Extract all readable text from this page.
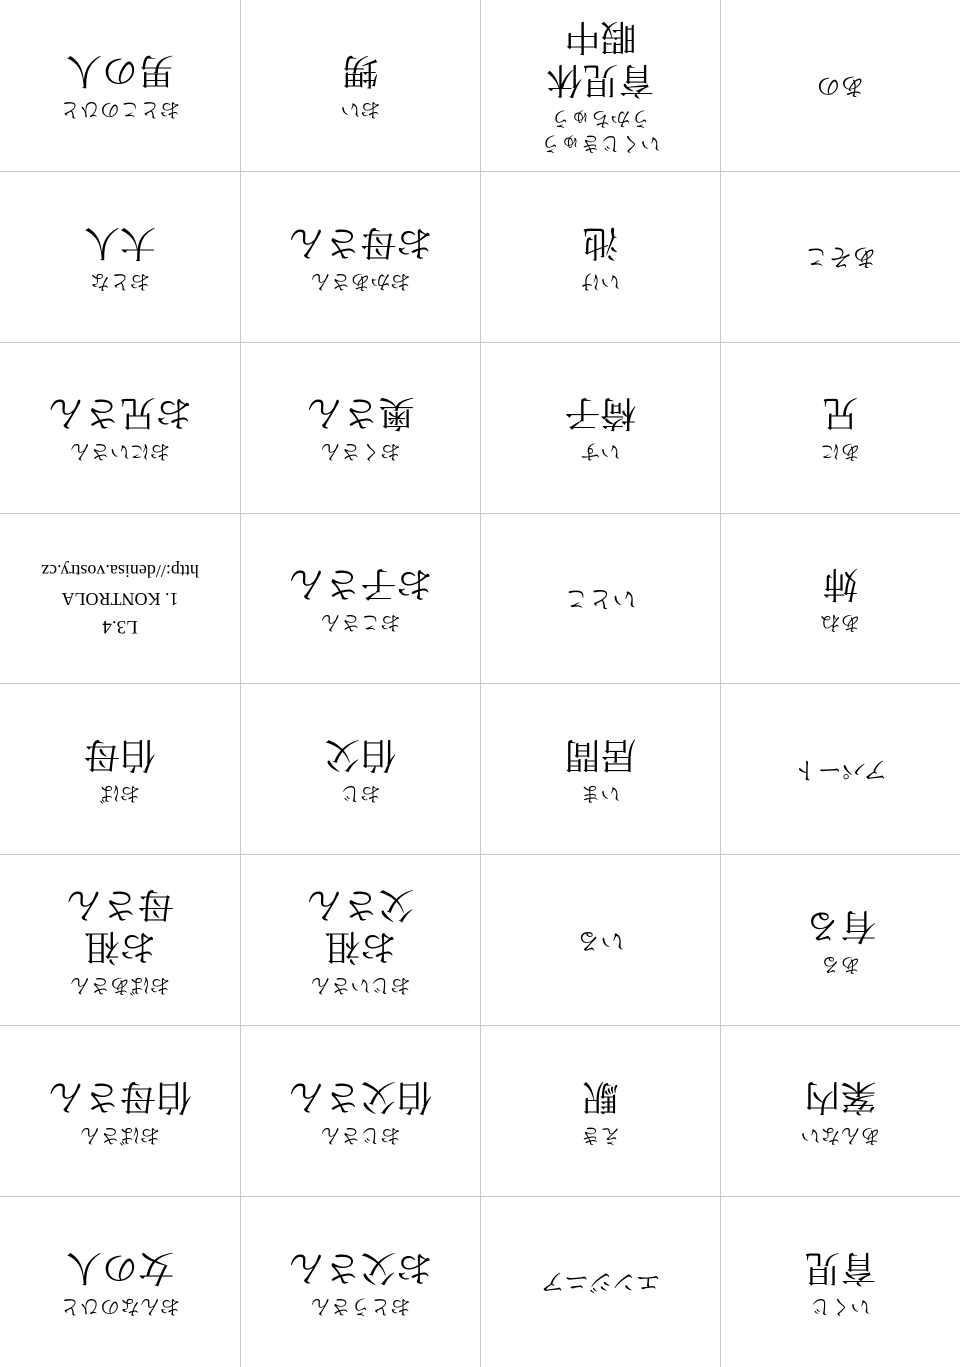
いくじ
育児
エンジニア
おとうさん
お父さん
おんなのひと
女の人
あんない
案内
えき
駅
おじさん
伯父さん
おばさん
伯母さん
ある
有る
いる
おじいさん
お祖
父さん
おばあさん
お祖
母さん
アパート
いま
居間
おじ
伯父
おば
伯母
あね
姉
いとこ
おこさん
お子さん
L3.4
1. KONTROLA
http://denisa.vostry.cz
あに
兄
いす
椅子
おくさん
奥さん
おにいさん
お兄さん
あそこ
いけ
池
おかあさん
お母さん
おとな
大人
あの
いくじきゅう
うかちゅう
育児休
暇中
おい
甥
おとこのひと
男の人
